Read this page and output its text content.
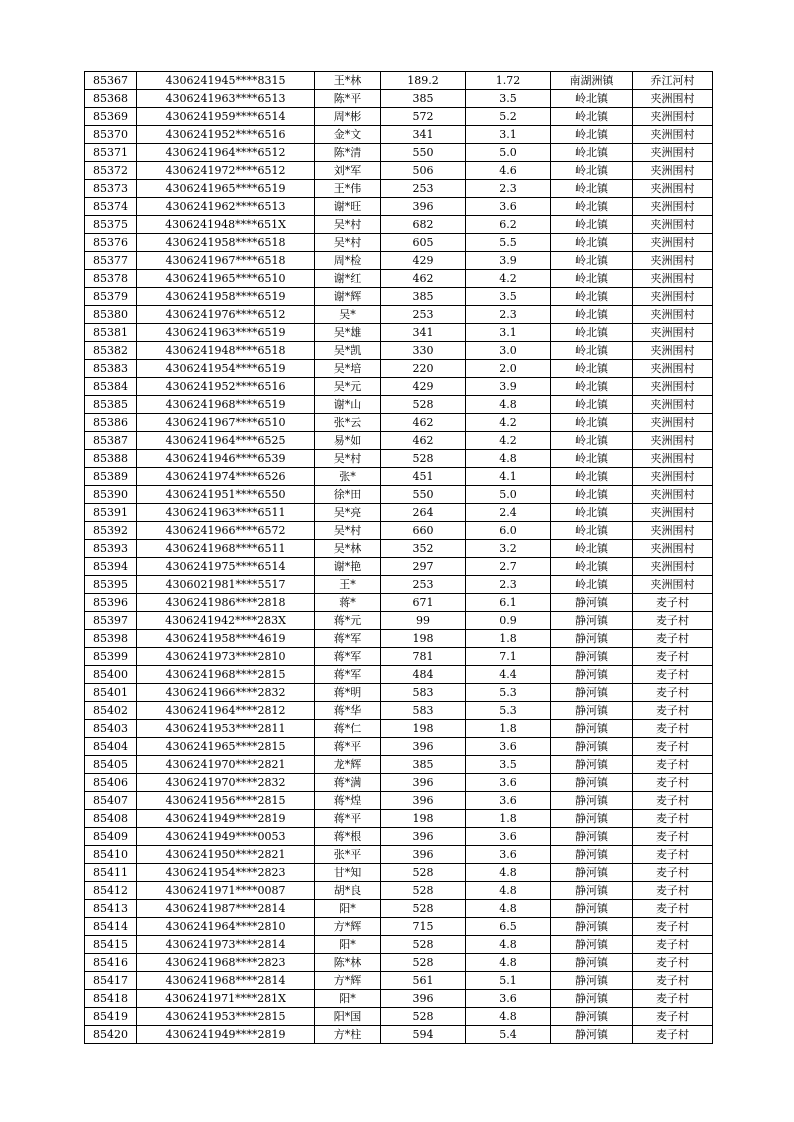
85367	4306241945****8315	王*林	189.2	1.72	南湖洲镇	乔江河村
85368	4306241963****6513	陈*平	385	3.5	岭北镇	夹洲围村
85369	4306241959****6514	周*彬	572	5.2	岭北镇	夹洲围村
85370	4306241952****6516	金*文	341	3.1	岭北镇	夹洲围村
85371	4306241964****6512	陈*清	550	5.0	岭北镇	夹洲围村
85372	4306241972****6512	刘*军	506	4.6	岭北镇	夹洲围村
85373	4306241965****6519	王*伟	253	2.3	岭北镇	夹洲围村
85374	4306241962****6513	谢*旺	396	3.6	岭北镇	夹洲围村
85375	4306241948****651X	吴*村	682	6.2	岭北镇	夹洲围村
85376	4306241958****6518	吴*村	605	5.5	岭北镇	夹洲围村
85377	4306241967****6518	周*检	429	3.9	岭北镇	夹洲围村
85378	4306241965****6510	谢*红	462	4.2	岭北镇	夹洲围村
85379	4306241958****6519	谢*辉	385	3.5	岭北镇	夹洲围村
85380	4306241976****6512	吴*	253	2.3	岭北镇	夹洲围村
85381	4306241963****6519	吴*雄	341	3.1	岭北镇	夹洲围村
85382	4306241948****6518	吴*凯	330	3.0	岭北镇	夹洲围村
85383	4306241954****6519	吴*培	220	2.0	岭北镇	夹洲围村
85384	4306241952****6516	吴*元	429	3.9	岭北镇	夹洲围村
85385	4306241968****6519	谢*山	528	4.8	岭北镇	夹洲围村
85386	4306241967****6510	张*云	462	4.2	岭北镇	夹洲围村
85387	4306241964****6525	易*如	462	4.2	岭北镇	夹洲围村
85388	4306241946****6539	吴*村	528	4.8	岭北镇	夹洲围村
85389	4306241974****6526	张*	451	4.1	岭北镇	夹洲围村
85390	4306241951****6550	徐*田	550	5.0	岭北镇	夹洲围村
85391	4306241963****6511	吴*亮	264	2.4	岭北镇	夹洲围村
85392	4306241966****6572	吴*村	660	6.0	岭北镇	夹洲围村
85393	4306241968****6511	吴*林	352	3.2	岭北镇	夹洲围村
85394	4306241975****6514	谢*艳	297	2.7	岭北镇	夹洲围村
85395	4306021981****5517	王*	253	2.3	岭北镇	夹洲围村
85396	4306241986****2818	蒋*	671	6.1	静河镇	麦子村
85397	4306241942****283X	蒋*元	99	0.9	静河镇	麦子村
85398	4306241958****4619	蒋*军	198	1.8	静河镇	麦子村
85399	4306241973****2810	蒋*军	781	7.1	静河镇	麦子村
85400	4306241968****2815	蒋*军	484	4.4	静河镇	麦子村
85401	4306241966****2832	蒋*明	583	5.3	静河镇	麦子村
85402	4306241964****2812	蒋*华	583	5.3	静河镇	麦子村
85403	4306241953****2811	蒋*仁	198	1.8	静河镇	麦子村
85404	4306241965****2815	蒋*平	396	3.6	静河镇	麦子村
85405	4306241970****2821	龙*辉	385	3.5	静河镇	麦子村
85406	4306241970****2832	蒋*满	396	3.6	静河镇	麦子村
85407	4306241956****2815	蒋*煌	396	3.6	静河镇	麦子村
85408	4306241949****2819	蒋*平	198	1.8	静河镇	麦子村
85409	4306241949****0053	蒋*根	396	3.6	静河镇	麦子村
85410	4306241950****2821	张*平	396	3.6	静河镇	麦子村
85411	4306241954****2823	甘*知	528	4.8	静河镇	麦子村
85412	4306241971****0087	胡*良	528	4.8	静河镇	麦子村
85413	4306241987****2814	阳*	528	4.8	静河镇	麦子村
85414	4306241964****2810	方*辉	715	6.5	静河镇	麦子村
85415	4306241973****2814	阳*	528	4.8	静河镇	麦子村
85416	4306241968****2823	陈*林	528	4.8	静河镇	麦子村
85417	4306241968****2814	方*辉	561	5.1	静河镇	麦子村
85418	4306241971****281X	阳*	396	3.6	静河镇	麦子村
85419	4306241953****2815	阳*国	528	4.8	静河镇	麦子村
85420	4306241949****2819	方*柱	594	5.4	静河镇	麦子村
